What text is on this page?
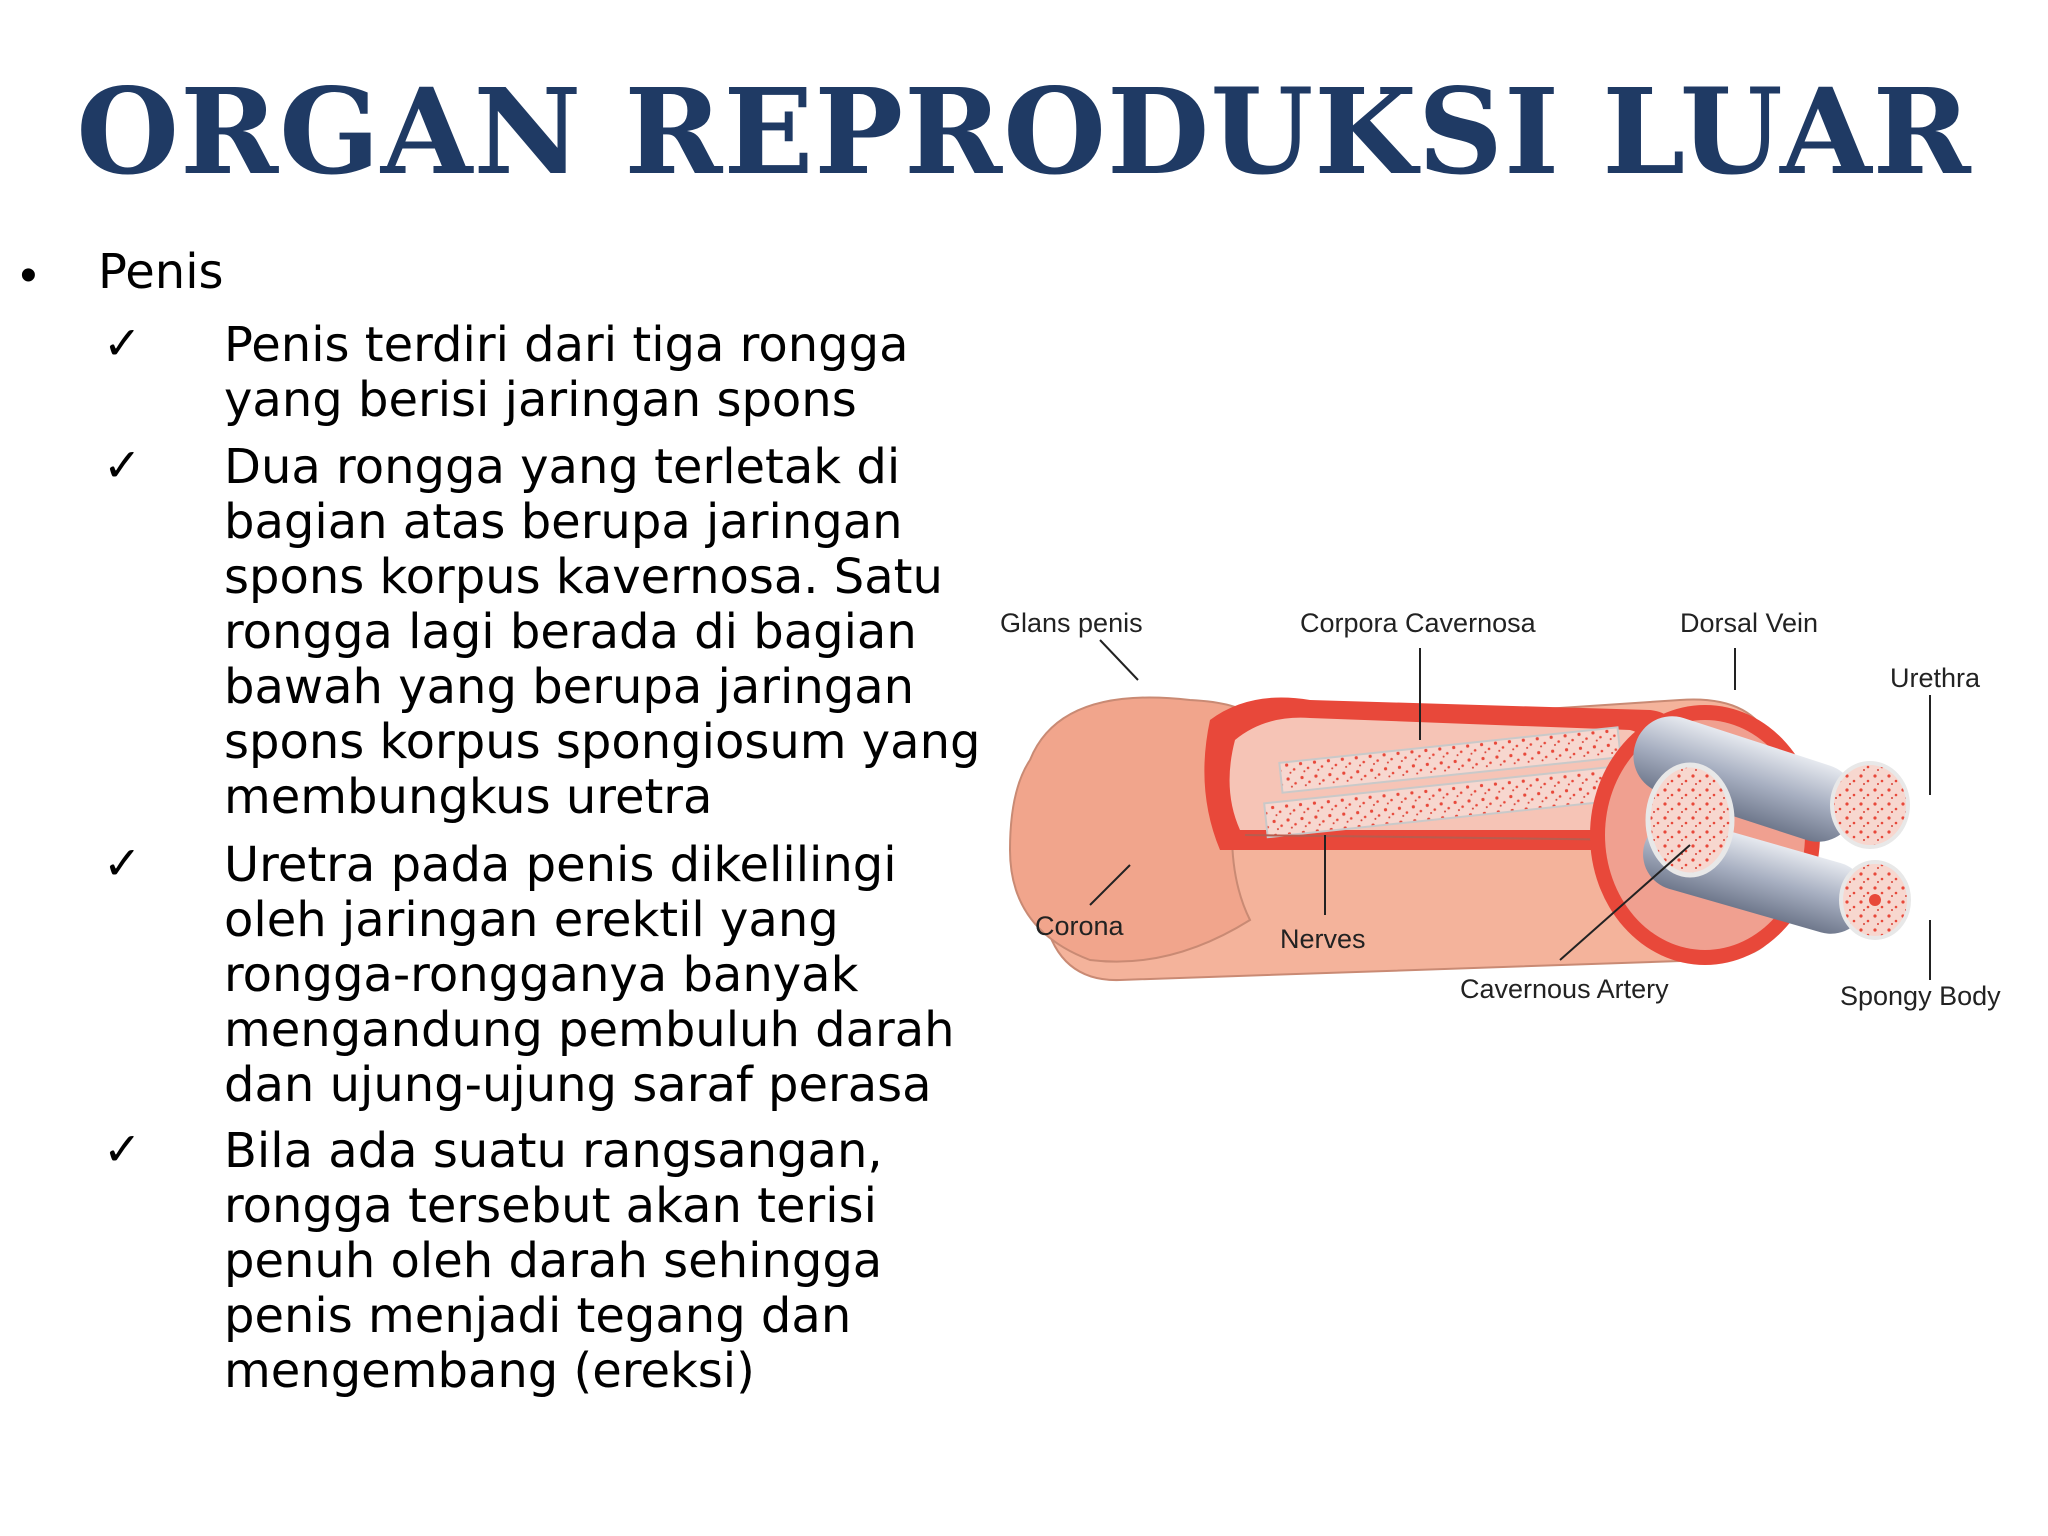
ORGAN REPRODUKSI LUAR
• Penis
✓ Penis terdiri dari tiga rongga
yang berisi jaringan spons
✓ Dua rongga yang terletak di
bagian atas berupa jaringan
spons korpus kavernosa. Satu
rongga lagi berada di bagian
bawah yang berupa jaringan
spons korpus spongiosum yang
membungkus uretra
✓ Uretra pada penis dikelilingi
oleh jaringan erektil yang
rongga-rongganya banyak
mengandung pembuluh darah
dan ujung-ujung saraf perasa
✓ Bila ada suatu rangsangan,
rongga tersebut akan terisi
penuh oleh darah sehingga
penis menjadi tegang dan
mengembang (ereksi)
Glans penis	Corpora Cavernosa	Dorsal Vein
Urethra
Corona	Nerves
Cavernous Artery	Spongy Body
